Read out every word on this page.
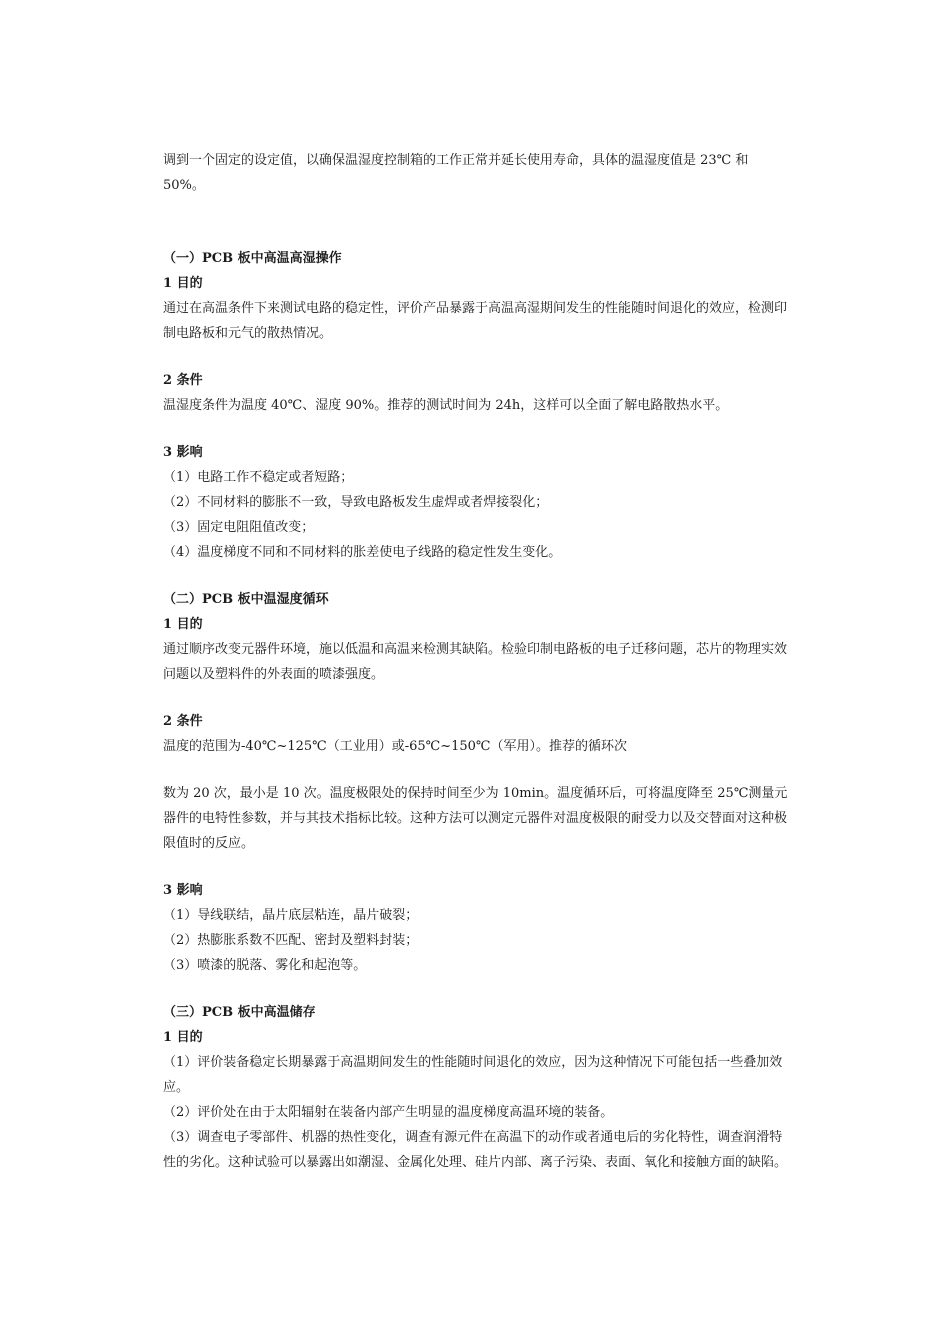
调到一个固定的设定值，以确保温湿度控制箱的工作正常并延长使用寿命，具体的温湿度值是 23℃ 和 50%。

（一）PCB 板中高温高湿操作

1 目的

通过在高温条件下来测试电路的稳定性，评价产品暴露于高温高湿期间发生的性能随时间退化的效应，检测印制电路板和元气的散热情况。

2 条件

温湿度条件为温度 40℃、湿度 90%。推荐的测试时间为 24h，这样可以全面了解电路散热水平。

3 影响

（1）电路工作不稳定或者短路；

（2）不同材料的膨胀不一致，导致电路板发生虚焊或者焊接裂化；

（3）固定电阻阻值改变；

（4）温度梯度不同和不同材料的胀差使电子线路的稳定性发生变化。

（二）PCB 板中温湿度循环

1 目的

通过顺序改变元器件环境，施以低温和高温来检测其缺陷。检验印制电路板的电子迁移问题，芯片的物理实效问题以及塑料件的外表面的喷漆强度。

2 条件

温度的范围为-40℃~125℃（工业用）或-65℃~150℃（军用）。推荐的循环次

数为 20 次，最小是 10 次。温度极限处的保持时间至少为 10min。温度循环后，可将温度降至 25℃测量元器件的电特性参数，并与其技术指标比较。这种方法可以测定元器件对温度极限的耐受力以及交替面对这种极限值时的反应。

3 影响

（1）导线联结，晶片底层粘连，晶片破裂；

（2）热膨胀系数不匹配、密封及塑料封装；

（3）喷漆的脱落、雾化和起泡等。

（三）PCB 板中高温储存

1 目的

（1）评价装备稳定长期暴露于高温期间发生的性能随时间退化的效应，因为这种情况下可能包括一些叠加效应。

（2）评价处在由于太阳辐射在装备内部产生明显的温度梯度高温环境的装备。

（3）调查电子零部件、机器的热性变化，调查有源元件在高温下的动作或者通电后的劣化特性，调查润滑特性的劣化。这种试验可以暴露出如潮湿、金属化处理、硅片内部、离子污染、表面、氧化和接触方面的缺陷。
